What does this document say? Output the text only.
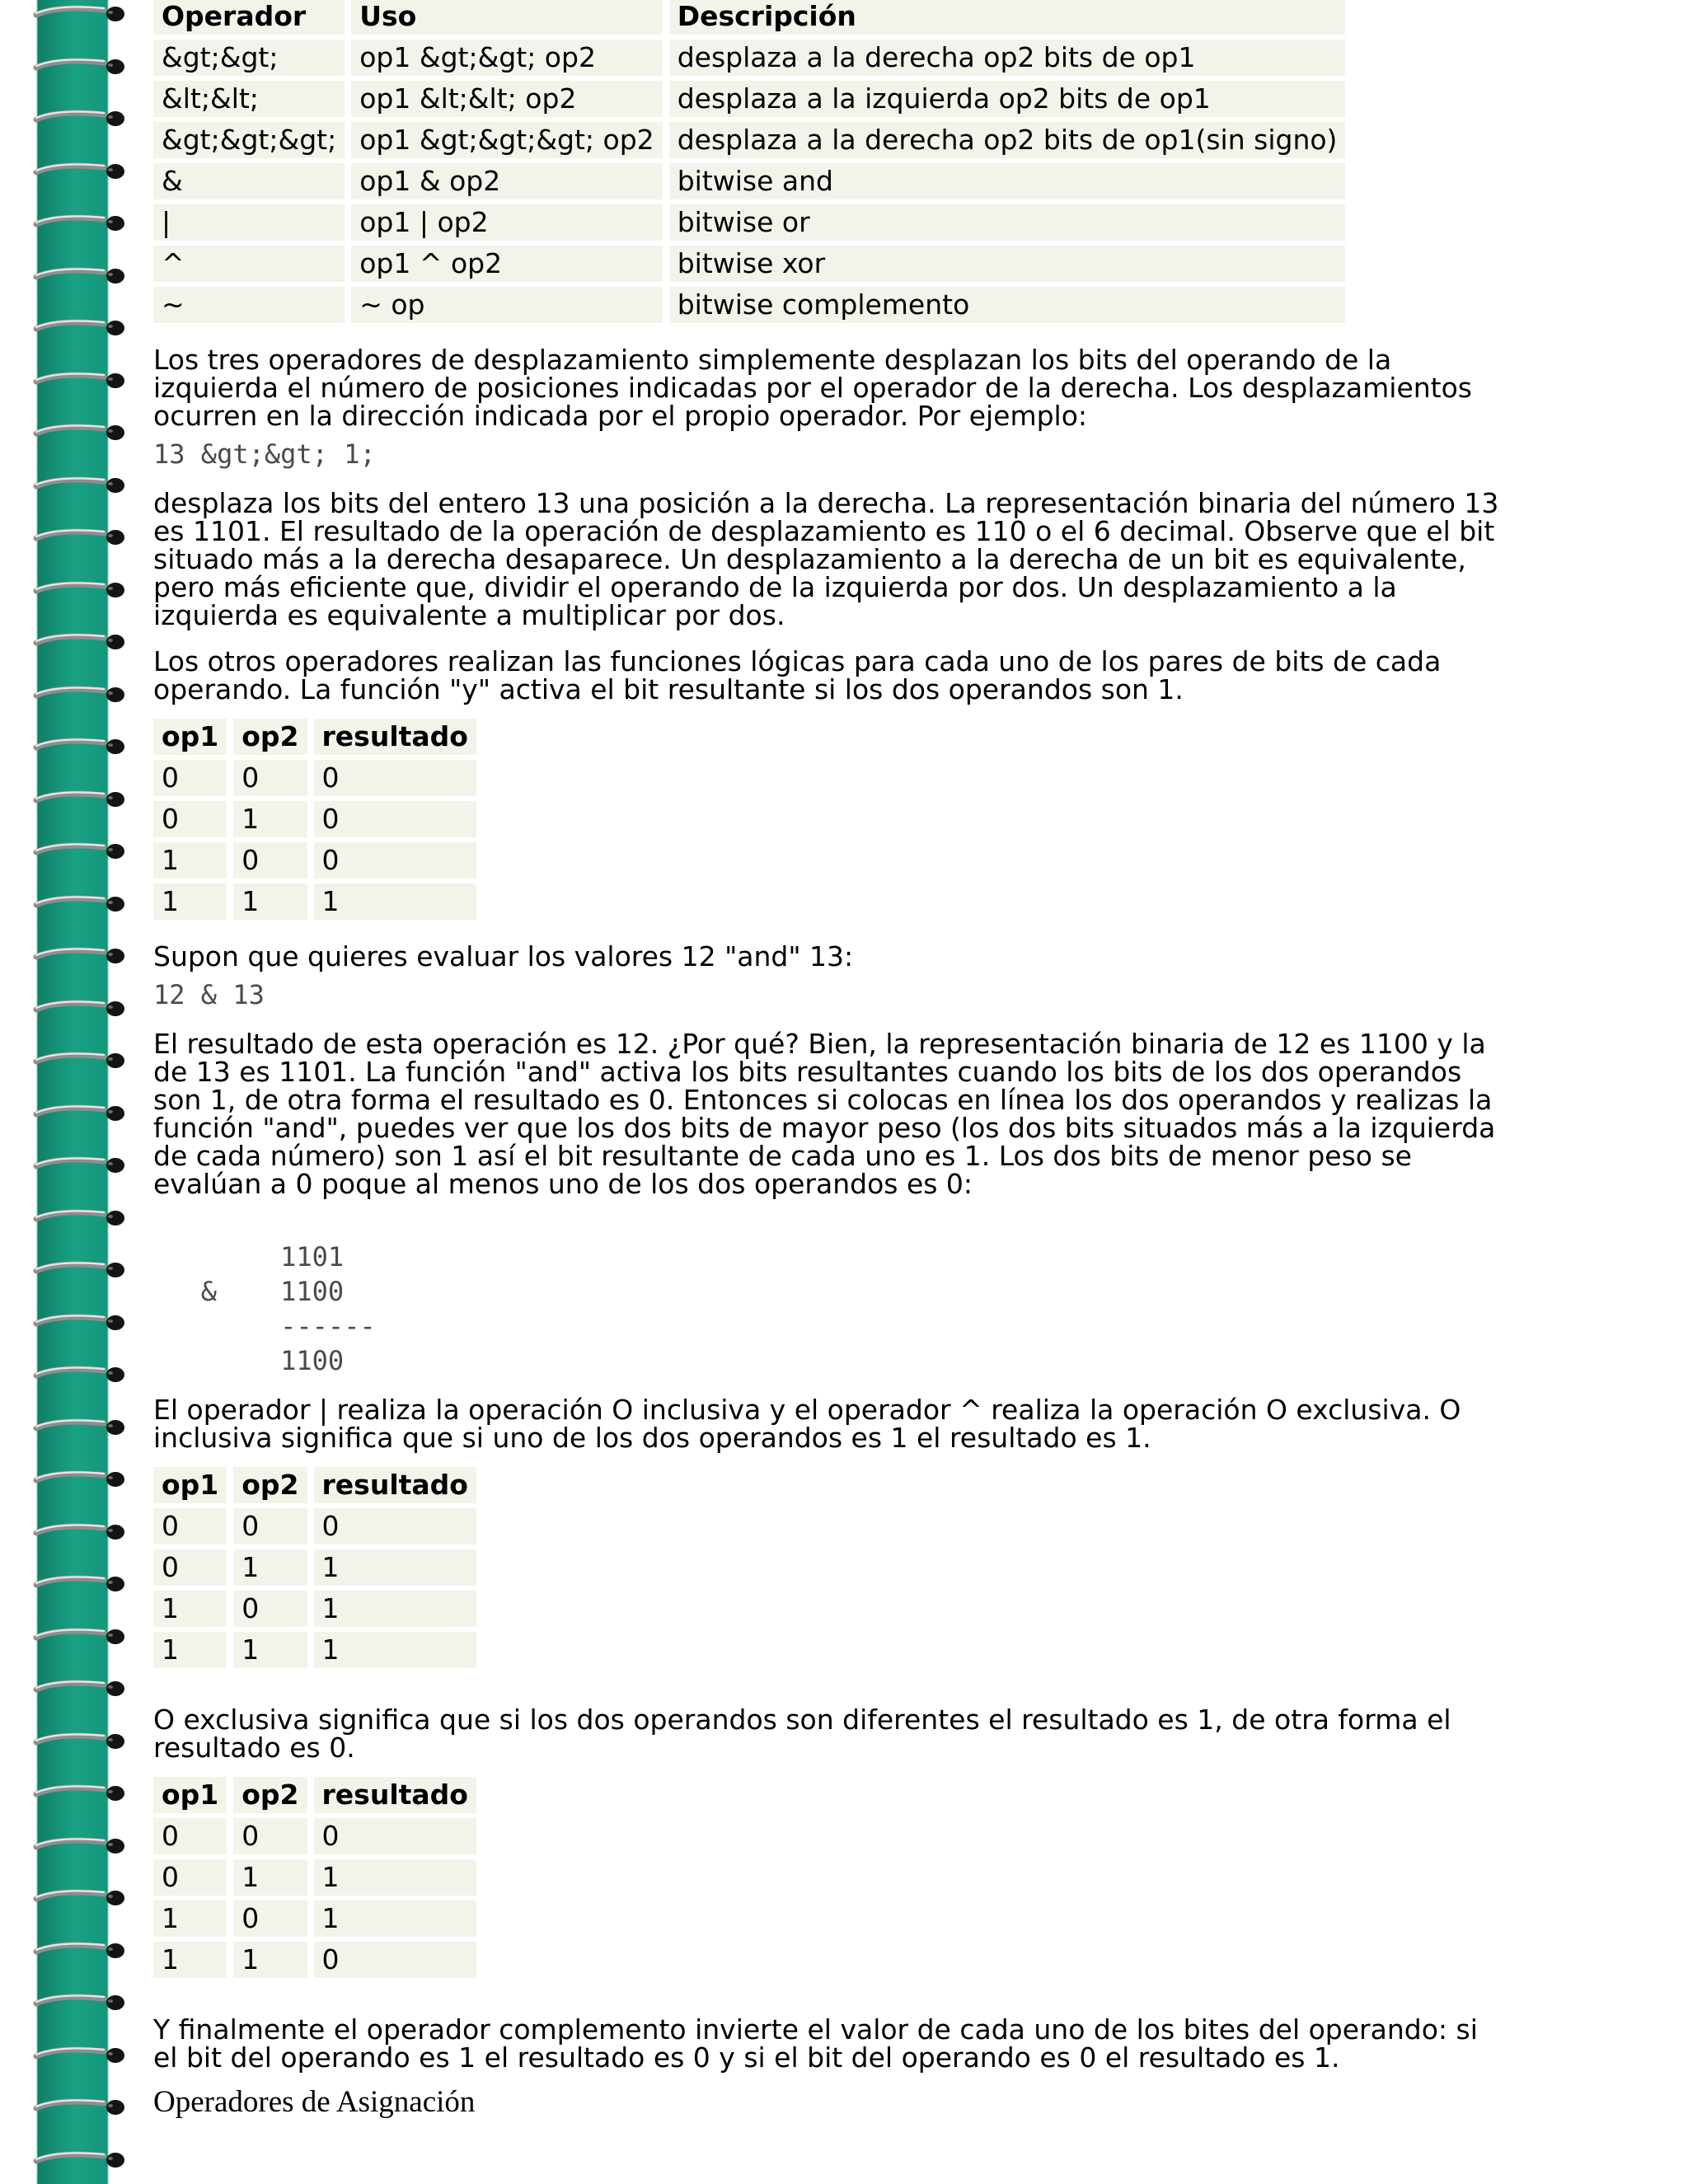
Operador	Uso	Descripción
&gt;&gt;	op1 &gt;&gt; op2	desplaza a la derecha op2 bits de op1
&lt;&lt;	op1 &lt;&lt; op2	desplaza a la izquierda op2 bits de op1
&gt;&gt;&gt;	op1 &gt;&gt;&gt; op2	desplaza a la derecha op2 bits de op1(sin signo)
&	op1 & op2	bitwise and
|	op1 | op2	bitwise or
^	op1 ^ op2	bitwise xor
~	~ op	bitwise complemento

Los tres operadores de desplazamiento simplemente desplazan los bits del operando de la izquierda el número de posiciones indicadas por el operador de la derecha. Los desplazamientos ocurren en la dirección indicada por el propio operador. Por ejemplo:

13 &gt;&gt; 1;

desplaza los bits del entero 13 una posición a la derecha. La representación binaria del número 13 es 1101. El resultado de la operación de desplazamiento es 110 o el 6 decimal. Observe que el bit situado más a la derecha desaparece. Un desplazamiento a la derecha de un bit es equivalente, pero más eficiente que, dividir el operando de la izquierda por dos. Un desplazamiento a la izquierda es equivalente a multiplicar por dos.

Los otros operadores realizan las funciones lógicas para cada uno de los pares de bits de cada operando. La función "y" activa el bit resultante si los dos operandos son 1.

op1	op2	resultado
0	0	0
0	1	0
1	0	0
1	1	1

Supon que quieres evaluar los valores 12 "and" 13:

12 & 13

El resultado de esta operación es 12. ¿Por qué? Bien, la representación binaria de 12 es 1100 y la de 13 es 1101. La función "and" activa los bits resultantes cuando los bits de los dos operandos son 1, de otra forma el resultado es 0. Entonces si colocas en línea los dos operandos y realizas la función "and", puedes ver que los dos bits de mayor peso (los dos bits situados más a la izquierda de cada número) son 1 así el bit resultante de cada uno es 1. Los dos bits de menor peso se evalúan a 0 poque al menos uno de los dos operandos es 0:

1101
&    1100
------
1100

El operador | realiza la operación O inclusiva y el operador ^ realiza la operación O exclusiva. O inclusiva significa que si uno de los dos operandos es 1 el resultado es 1.

op1	op2	resultado
0	0	0
0	1	1
1	0	1
1	1	1

O exclusiva significa que si los dos operandos son diferentes el resultado es 1, de otra forma el resultado es 0.

op1	op2	resultado
0	0	0
0	1	1
1	0	1
1	1	0

Y finalmente el operador complemento invierte el valor de cada uno de los bites del operando: si el bit del operando es 1 el resultado es 0 y si el bit del operando es 0 el resultado es 1.

Operadores de Asignación
